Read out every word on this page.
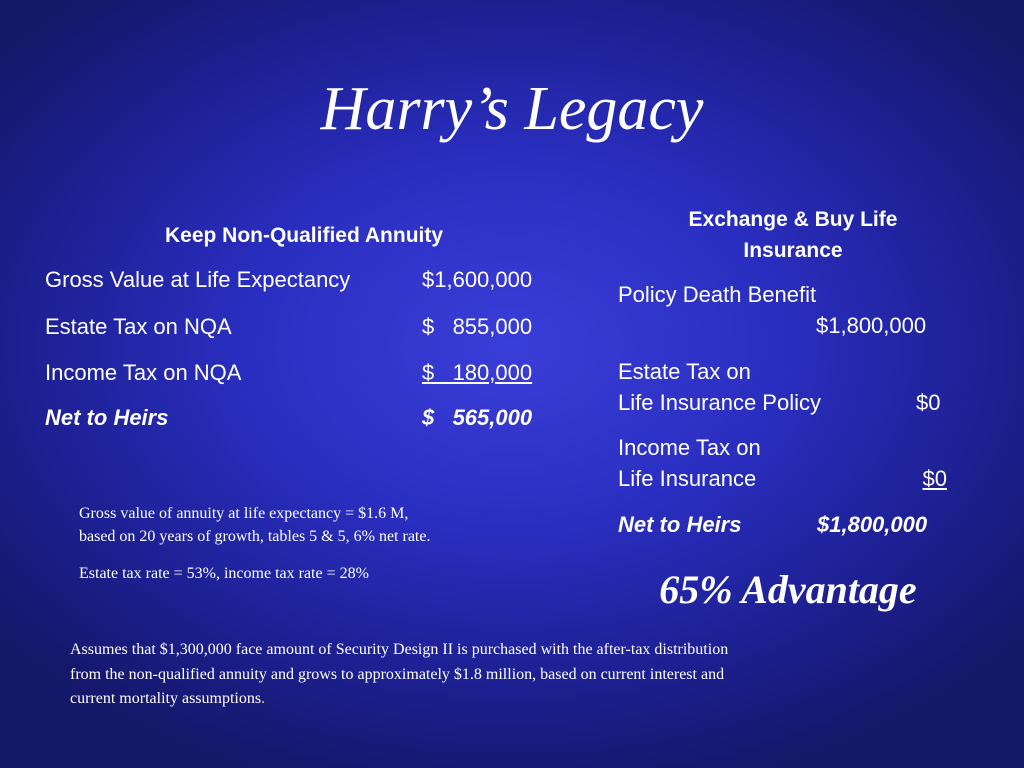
Harry’s Legacy
Keep Non-Qualified Annuity
Gross Value at Life Expectancy	$1,600,000
Estate Tax on NQA	$   855,000
Income Tax on NQA	$   180,000
Net to Heirs	$   565,000

Gross value of annuity at life expectancy = $1.6 M,

based on 20 years of growth, tables 5 & 5, 6% net rate.

Estate tax rate = 53%, income tax rate = 28%

Exchange & Buy Life
Insurance
Policy Death Benefit
$1,800,000
Estate Tax on
Life Insurance Policy	$0
Income Tax on
Life Insurance	$0
Net to Heirs	$1,800,000
65% Advantage
Assumes that $1,300,000 face amount of Security Design II is purchased with the after-tax distribution
from the non-qualified annuity and grows to approximately $1.8 million, based on current interest and
current mortality assumptions.
